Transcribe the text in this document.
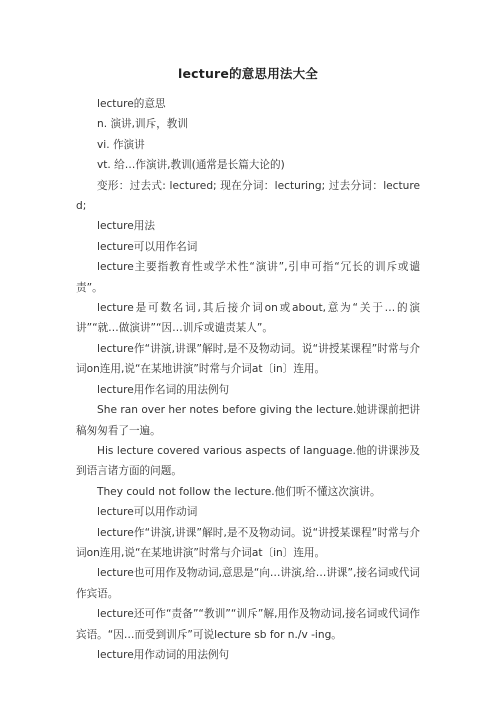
lecture的意思用法大全

lecture的意思

n. 演讲,训斥，教训

vi. 作演讲

vt. 给…作演讲,教训(通常是长篇大论的)

变形：过去式: lectured; 现在分词：lecturing; 过去分词：lectured;

lecture用法

lecture可以用作名词

lecture主要指教育性或学术性“演讲”,引申可指“冗长的训斥或谴责”。

lecture是可数名词,其后接介词on或about,意为“关于…的演讲”“就…做演讲”“因…训斥或谴责某人”。

lecture作“讲演,讲课”解时,是不及物动词。说“讲授某课程”时常与介词on连用,说“在某地讲演”时常与介词at〔in〕连用。

lecture用作名词的用法例句

She ran over her notes before giving the lecture.她讲课前把讲稿匆匆看了一遍。

His lecture covered various aspects of language.他的讲课涉及到语言诸方面的问题。

They could not follow the lecture.他们听不懂这次演讲。

lecture可以用作动词

lecture作“讲演,讲课”解时,是不及物动词。说“讲授某课程”时常与介词on连用,说“在某地讲演”时常与介词at〔in〕连用。

lecture也可用作及物动词,意思是“向…讲演,给…讲课”,接名词或代词作宾语。

lecture还可作“责备”“教训”“训斥”解,用作及物动词,接名词或代词作宾语。“因…而受到训斥”可说lecture sb for n./v -ing。

lecture用作动词的用法例句
